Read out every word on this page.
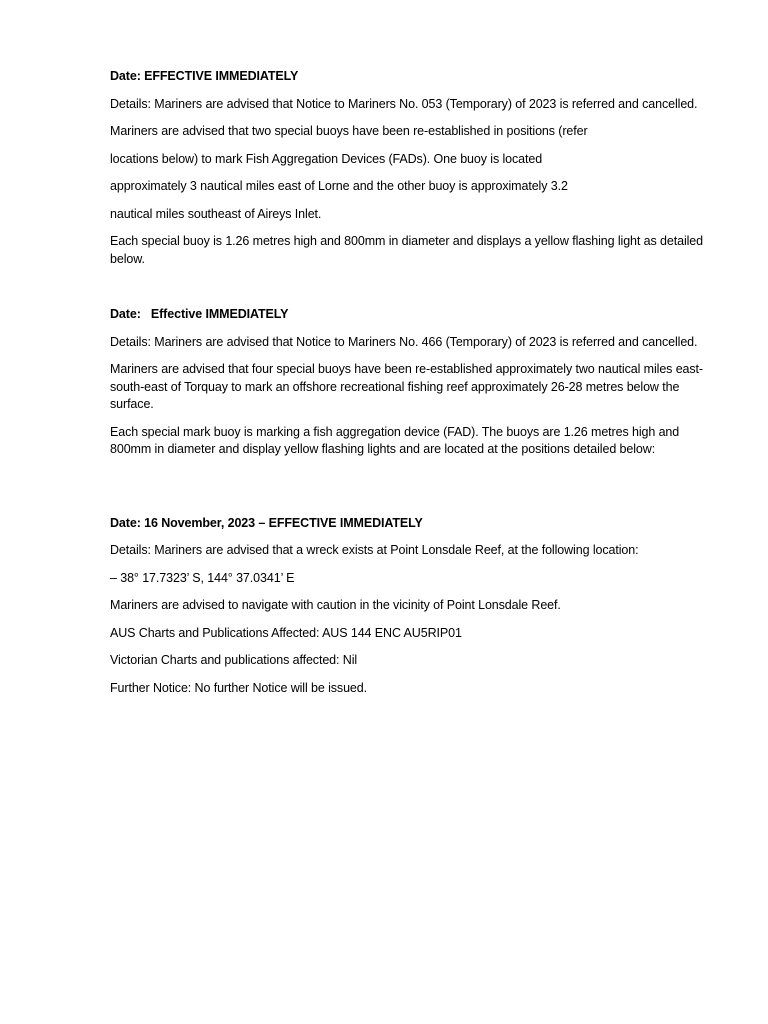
Date: EFFECTIVE IMMEDIATELY

Details: Mariners are advised that Notice to Mariners No. 053 (Temporary) of 2023 is referred and cancelled.

Mariners are advised that two special buoys have been re-established in positions (refer

locations below) to mark Fish Aggregation Devices (FADs). One buoy is located

approximately 3 nautical miles east of Lorne and the other buoy is approximately 3.2

nautical miles southeast of Aireys Inlet.

Each special buoy is 1.26 metres high and 800mm in diameter and displays a yellow flashing light as detailed below.

Date:   Effective IMMEDIATELY

Details: Mariners are advised that Notice to Mariners No. 466 (Temporary) of 2023 is referred and cancelled.

Mariners are advised that four special buoys have been re-established approximately two nautical miles east-south-east of Torquay to mark an offshore recreational fishing reef approximately 26-28 metres below the surface.

Each special mark buoy is marking a fish aggregation device (FAD). The buoys are 1.26 metres high and 800mm in diameter and display yellow flashing lights and are located at the positions detailed below:

Date: 16 November, 2023 – EFFECTIVE IMMEDIATELY

Details: Mariners are advised that a wreck exists at Point Lonsdale Reef, at the following location:

– 38° 17.7323’ S, 144° 37.0341’ E

Mariners are advised to navigate with caution in the vicinity of Point Lonsdale Reef.

AUS Charts and Publications Affected: AUS 144 ENC AU5RIP01

Victorian Charts and publications affected: Nil

Further Notice: No further Notice will be issued.
